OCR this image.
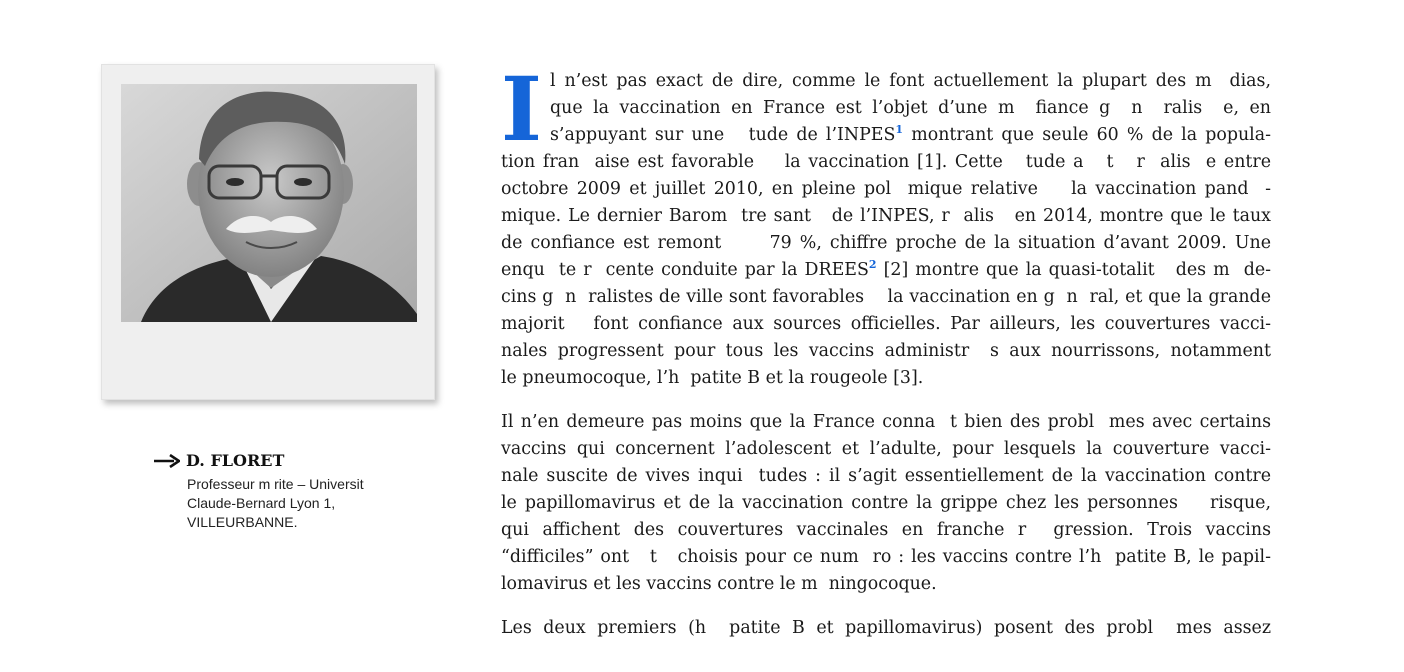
D. FLORET
Professeur m rite – Universit
Claude-Bernard Lyon 1,
VILLEURBANNE.
I l n’est pas exact de dire, comme le font actuellement la plupart des m  dias,
que la vaccination en France est l’objet d’une m  fiance g  n  ralis  e, en
s’appuyant sur une   tude de l’INPES$^1$ montrant que seule 60 % de la popula-
tion fran  aise est favorable    la vaccination [1]. Cette   tude a   t   r  alis  e entre
octobre 2009 et juillet 2010, en pleine pol  mique relative    la vaccination pand  -
mique. Le dernier Barom  tre sant   de l’INPES, r  alis   en 2014, montre que le taux
de confiance est remont      79 %, chiffre proche de la situation d’avant 2009. Une
enqu  te r  cente conduite par la DREES$^2$ [2] montre que la quasi-totalit   des m  de-
cins g  n  ralistes de ville sont favorables    la vaccination en g  n  ral, et que la grande
majorit   font confiance aux sources officielles. Par ailleurs, les couvertures vacci-
nales progressent pour tous les vaccins administr  s aux nourrissons, notamment
le pneumocoque, l’h  patite B et la rougeole [3].
Il n’en demeure pas moins que la France conna  t bien des probl  mes avec certains
vaccins qui concernent l’adolescent et l’adulte, pour lesquels la couverture vacci-
nale suscite de vives inqui  tudes : il s’agit essentiellement de la vaccination contre
le papillomavirus et de la vaccination contre la grippe chez les personnes    risque,
qui affichent des couvertures vaccinales en franche r  gression. Trois vaccins
“difficiles” ont   t   choisis pour ce num  ro : les vaccins contre l’h  patite B, le papil-
lomavirus et les vaccins contre le m  ningocoque.
Les deux premiers (h  patite B et papillomavirus) posent des probl  mes assez
